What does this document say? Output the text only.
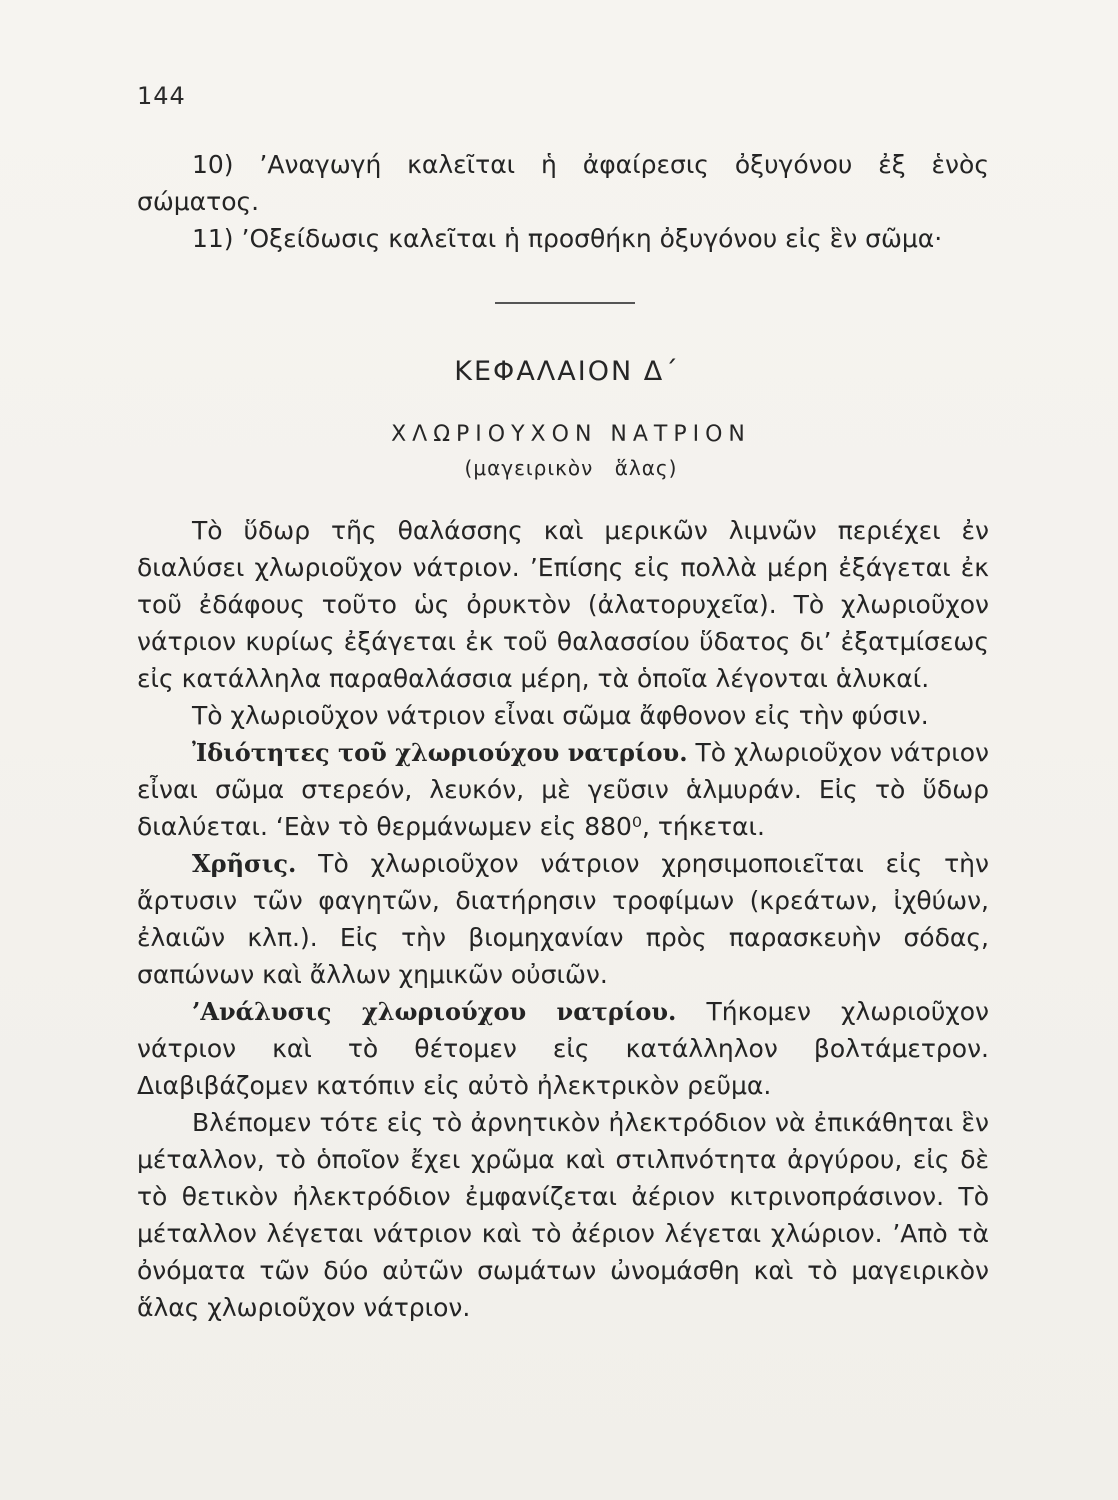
144

10) ’Αναγωγή καλεῖται ἡ ἀφαίρεσις ὀξυγόνου ἐξ ἑνὸς σώματος.

11) ’Οξείδωσις καλεῖται ἡ προσθήκη ὀξυγόνου εἰς ἓν σῶμα·

ΚΕΦΑΛΑΙΟΝ Δ΄
ΧΛΩΡΙΟΥΧΟΝ ΝΑΤΡΙΟΝ
(μαγειρικὸν ἅλας)

Τὸ ὕδωρ τῆς θαλάσσης καὶ μερικῶν λιμνῶν περιέχει ἐν διαλύσει χλωριοῦχον νάτριον. ’Επίσης εἰς πολλὰ μέρη ἐξάγεται ἐκ τοῦ ἐδάφους τοῦτο ὡς ὀρυκτὸν (ἀλατορυχεῖα). Τὸ χλωριοῦχον νάτριον κυρίως ἐξάγεται ἐκ τοῦ θαλασσίου ὕδατος δι’ ἐξατμίσεως εἰς κατάλληλα παραθαλάσσια μέρη, τὰ ὁποῖα λέγονται ἁλυκαί.

Τὸ χλωριοῦχον νάτριον εἶναι σῶμα ἄφθονον εἰς τὴν φύσιν.

Ἰδιότητες τοῦ χλωριούχου νατρίου. Τὸ χλωριοῦχον νάτριον εἶναι σῶμα στερεόν, λευκόν, μὲ γεῦσιν ἁλμυράν. Εἰς τὸ ὕδωρ διαλύεται. ‘Εὰν τὸ θερμάνωμεν εἰς 880⁰, τήκεται.

Χρῆσις. Τὸ χλωριοῦχον νάτριον χρησιμοποιεῖται εἰς τὴν ἄρτυσιν τῶν φαγητῶν, διατήρησιν τροφίμων (κρεάτων, ἰχθύων, ἐλαιῶν κλπ.). Εἰς τὴν βιομηχανίαν πρὸς παρασκευὴν σόδας, σαπώνων καὶ ἄλλων χημικῶν οὐσιῶν.

’Ανάλυσις χλωριούχου νατρίου. Τήκομεν χλωριοῦχον νάτριον καὶ τὸ θέτομεν εἰς κατάλληλον βολτάμετρον. Διαβιβάζομεν κατόπιν εἰς αὐτὸ ἠλεκτρικὸν ρεῦμα.

Βλέπομεν τότε εἰς τὸ ἀρνητικὸν ἠλεκτρόδιον νὰ ἐπικάθηται ἓν μέταλλον, τὸ ὁποῖον ἔχει χρῶμα καὶ στιλπνότητα ἀργύρου, εἰς δὲ τὸ θετικὸν ἠλεκτρόδιον ἐμφανίζεται ἀέριον κιτρινοπράσινον. Τὸ μέταλλον λέγεται νάτριον καὶ τὸ ἀέριον λέγεται χλώριον. ’Απὸ τὰ ὀνόματα τῶν δύο αὐτῶν σωμάτων ὠνομάσθη καὶ τὸ μαγειρικὸν ἅλας χλωριοῦχον νάτριον.
